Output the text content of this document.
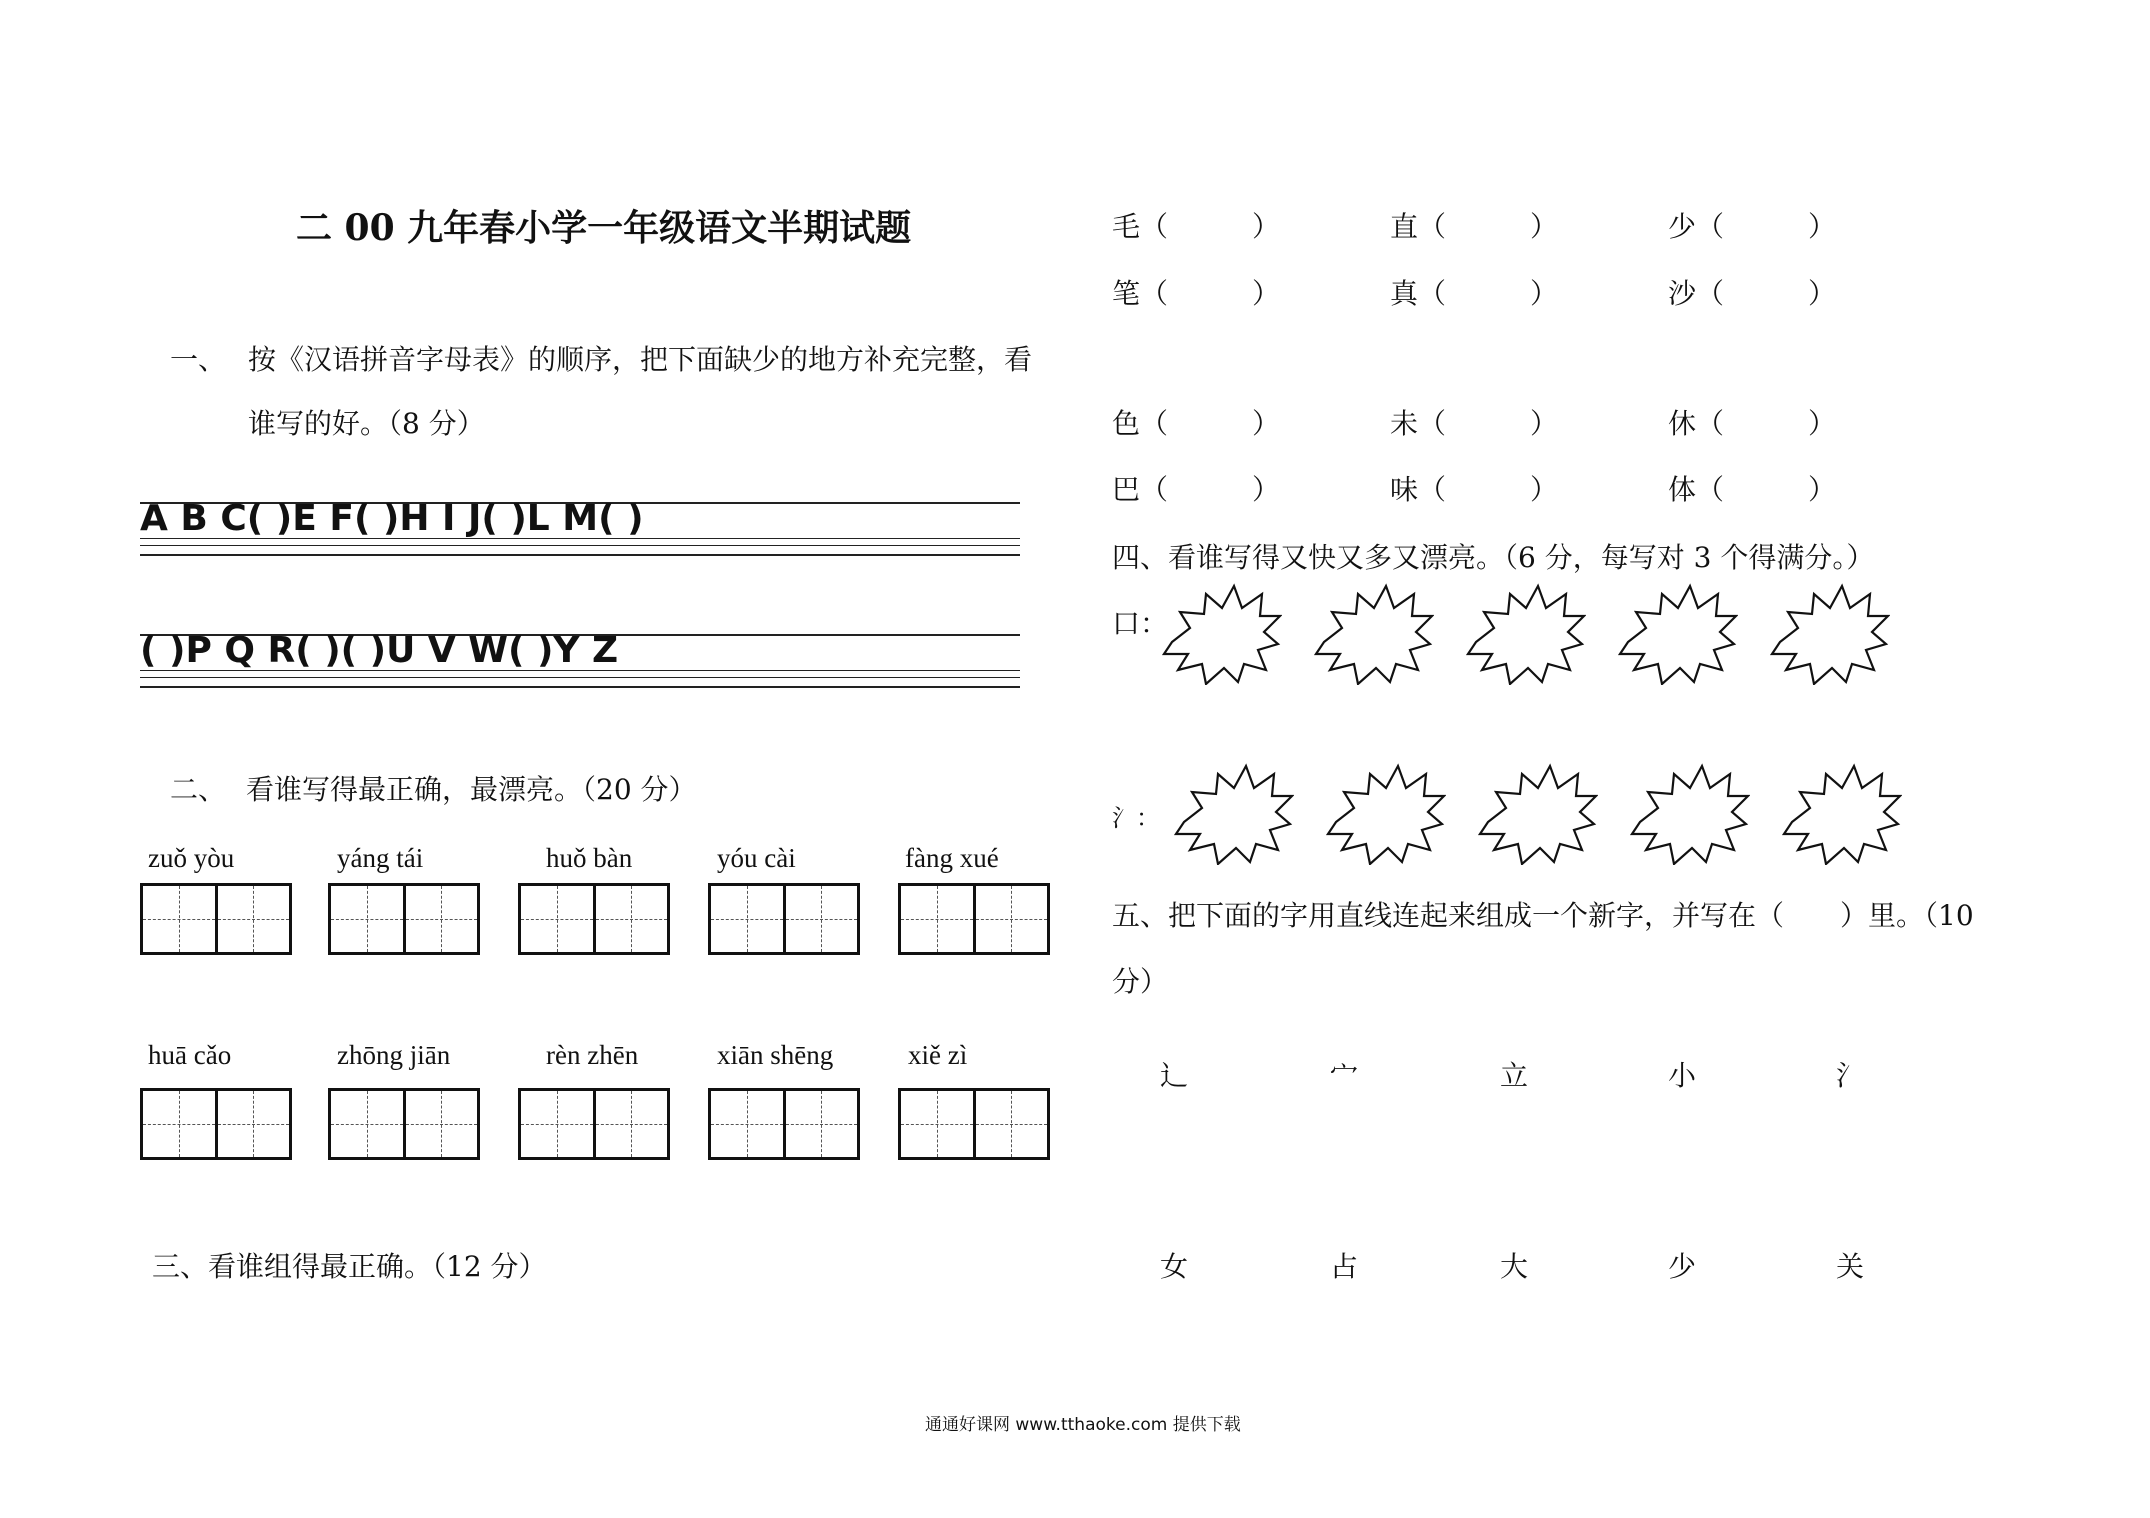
二 00 九年春小学一年级语文半期试题
一、 按《汉语拼音字母表》的顺序，把下面缺少的地方补充完整，看
谁写的好。（8 分）
A B C( )E F( )H I J( )L M( )
( )P Q R( )( )U V W( )Y Z
二、 看谁写得最正确，最漂亮。（20 分）
zuǒ yòu	yáng tái	huǒ bàn	yóu cài	fàng xué
huā cǎo	zhōng jiān	rèn zhēn	xiān shēng	xiě zì
三、看谁组得最正确。（12 分）
毛（　　　）	直（　　　）	少（　　　）
笔（　　　）	真（　　　）	沙（　　　）
色（　　　）	未（　　　）	休（　　　）
巴（　　　）	味（　　　）	体（　　　）
四、看谁写得又快又多又漂亮。（6 分，每写对 3 个得满分。）
口：
氵：
五、把下面的字用直线连起来组成一个新字，并写在（　　）里。（10
分）
辶	宀	立	小	氵
女	占	大	少	关
通通好课网 www.tthaoke.com 提供下载
